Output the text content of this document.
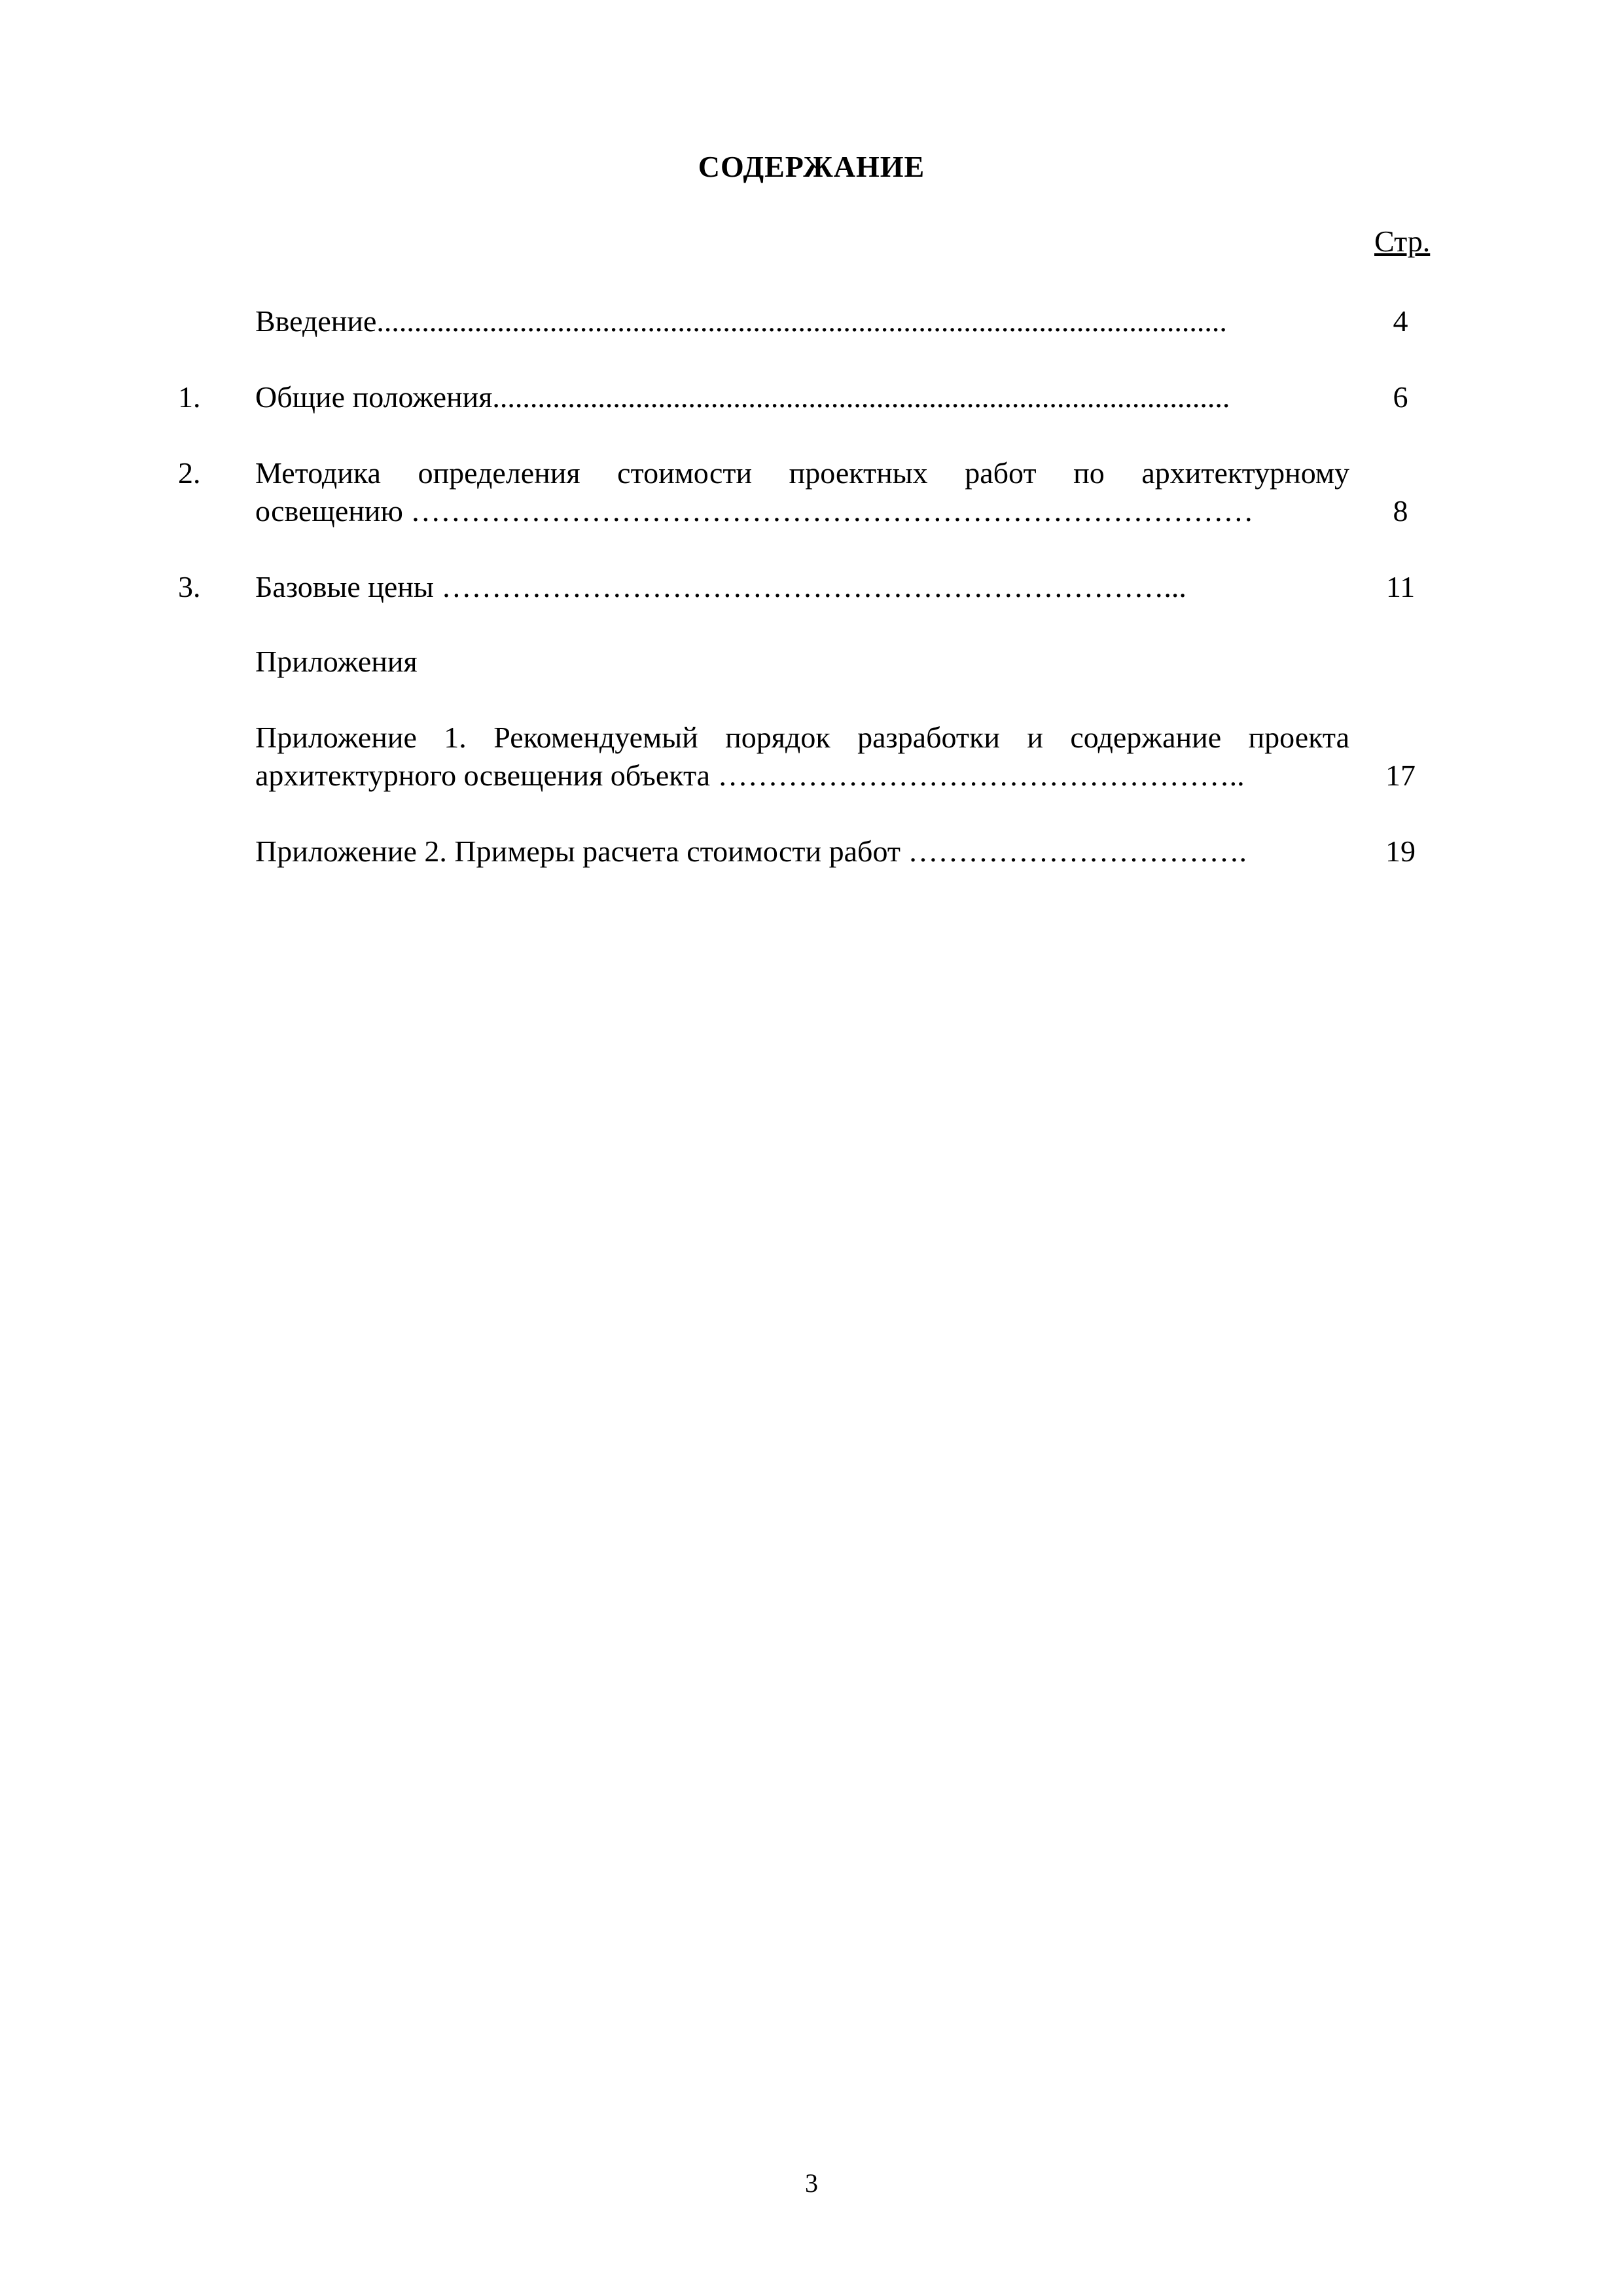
СОДЕРЖАНИЕ
Стр.
Введение.................................................................................................................	4
1. Общие положения..................................................................................................	6
2. Методика определения стоимости проектных работ по архитектурному
освещению …………………………………………………………………………	8
3. Базовые цены ………………………………………………………………...	11
Приложения
Приложение 1. Рекомендуемый порядок разработки и содержание проекта
архитектурного освещения объекта ……………………………………………..	17
Приложение 2. Примеры расчета стоимости работ …………………………….	19
3
